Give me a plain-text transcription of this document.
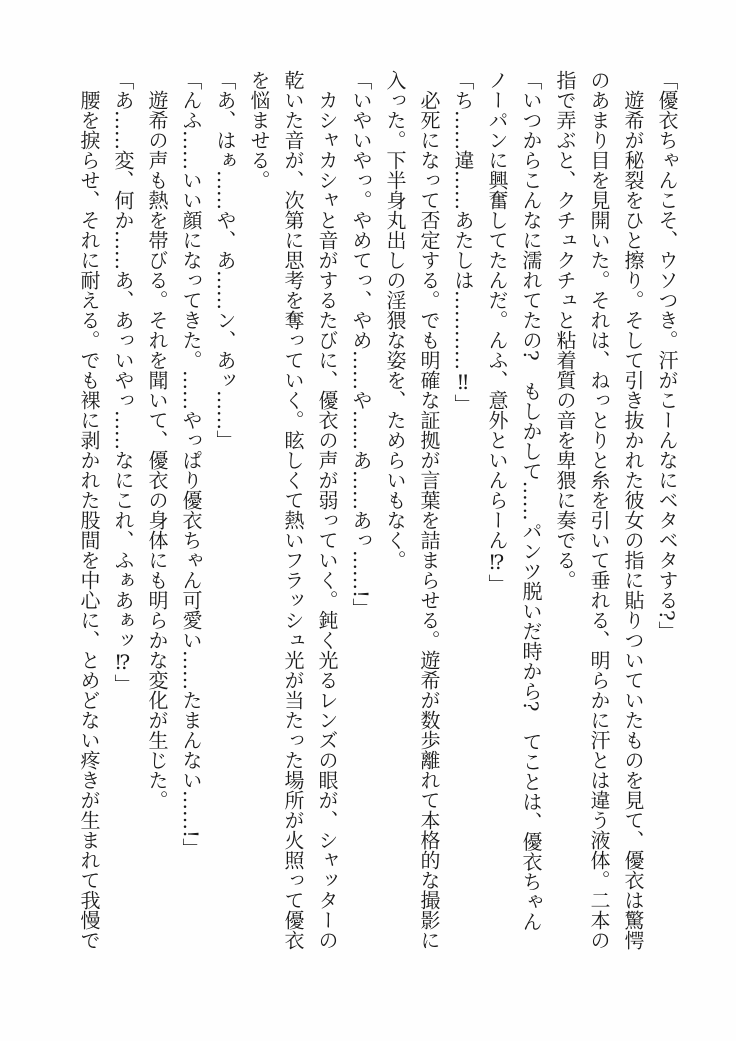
「優衣ちゃんこそ、ウソつき。汗がこーんなにベタベタする?」

遊希が秘裂をひと擦り。そして引き抜かれた彼女の指に貼りついていたものを見て、優衣は驚愕のあまり目を見開いた。それは、ねっとりと糸を引いて垂れる、明らかに汗とは違う液体。二本の指で弄ぶと、クチュクチュと粘着質の音を卑猥に奏でる。

「いつからこんなに濡れてたの?　もしかして……パンツ脱いだ時から?　てことは、優衣ちゃんノーパンに興奮してたんだ。んふ、意外といんらーん⁉」

「ち……違……あたしは…………‼」

必死になって否定する。でも明確な証拠が言葉を詰まらせる。遊希が数歩離れて本格的な撮影に入った。下半身丸出しの淫猥な姿を、ためらいもなく。

「いやいやっ。やめてっ、やめ……や……あ……あっ……!」

カシャカシャと音がするたびに、優衣の声が弱っていく。鈍く光るレンズの眼が、シャッターの乾いた音が、次第に思考を奪っていく。眩しくて熱いフラッシュ光が当たった場所が火照って優衣を悩ませる。

「あ、はぁ……や、あ……ン、あッ……」

「んふ……いい顔になってきた。……やっぱり優衣ちゃん可愛い……たまんない……!」

遊希の声も熱を帯びる。それを聞いて、優衣の身体にも明らかな変化が生じた。

「あ……変、何か……あ、あっいやっ……なにこれ、ふぁあぁッ⁉」

腰を捩らせ、それに耐える。でも裸に剥かれた股間を中心に、とめどない疼きが生まれて我慢で
